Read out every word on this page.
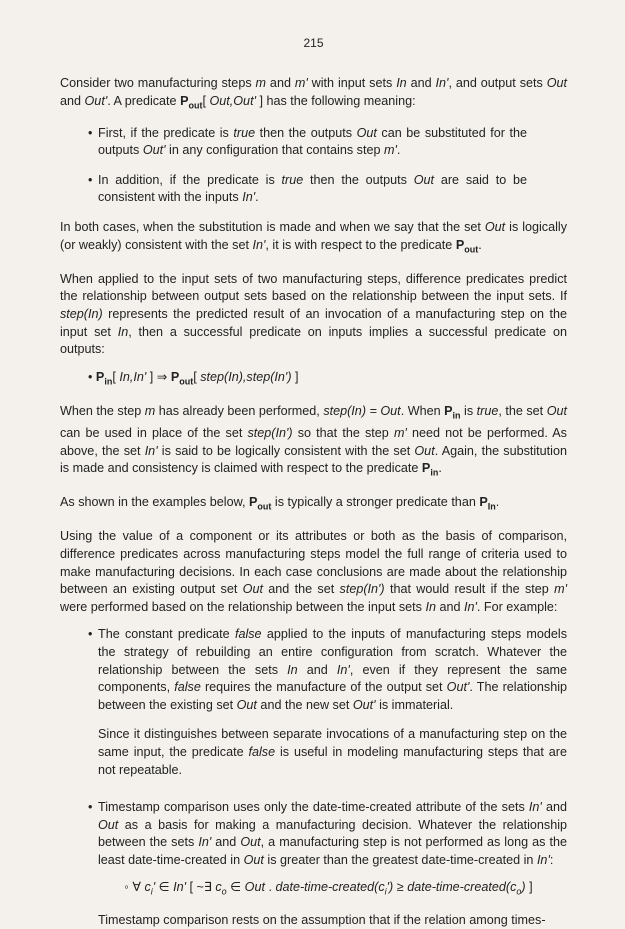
215

Consider two manufacturing steps m and m' with input sets In and In', and output sets Out and Out'. A predicate $P_{out}$[ Out,Out' ] has the following meaning:

• First, if the predicate is true then the outputs Out can be substituted for the outputs Out' in any configuration that contains step m'.
• In addition, if the predicate is true then the outputs Out are said to be consistent with the inputs In'.

In both cases, when the substitution is made and when we say that the set Out is logically (or weakly) consistent with the set In', it is with respect to the predicate $P_{out}$.

When applied to the input sets of two manufacturing steps, difference predicates predict the relationship between output sets based on the relationship between the input sets. If step(In) represents the predicted result of an invocation of a manufacturing step on the input set In, then a successful predicate on inputs implies a successful predicate on outputs:

• $P_{in}$[ In,In' ] ⇒ $P_{out}$[ step(In),step(In') ]

When the step m has already been performed, step(In) = Out. When $P_{in}$ is true, the set Out can be used in place of the set step(In') so that the step m' need not be performed. As above, the set In' is said to be logically consistent with the set Out. Again, the substitution is made and consistency is claimed with respect to the predicate $P_{in}$.

As shown in the examples below, $P_{out}$ is typically a stronger predicate than $P_{In}$.

Using the value of a component or its attributes or both as the basis of comparison, difference predicates across manufacturing steps model the full range of criteria used to make manufacturing decisions. In each case conclusions are made about the relationship between an existing output set Out and the set step(In') that would result if the step m' were performed based on the relationship between the input sets In and In'. For example:

• The constant predicate false applied to the inputs of manufacturing steps models the strategy of rebuilding an entire configuration from scratch. Whatever the relationship between the sets In and In', even if they represent the same components, false requires the manufacture of the output set Out'. The relationship between the existing set Out and the new set Out' is immaterial.

Since it distinguishes between separate invocations of a manufacturing step on the same input, the predicate false is useful in modeling manufacturing steps that are not repeatable.

• Timestamp comparison uses only the date-time-created attribute of the sets In' and Out as a basis for making a manufacturing decision. Whatever the relationship between the sets In' and Out, a manufacturing step is not performed as long as the least date-time-created in Out is greater than the greatest date-time-created in In':
◦ ∀ $c_i'$ ∈ In' [ ~∃ $c_o$ ∈ Out . date-$time-created(c_i')$ ≥ date-$time-created(c_o)$ ]

Timestamp comparison rests on the assumption that if the relation among times-
